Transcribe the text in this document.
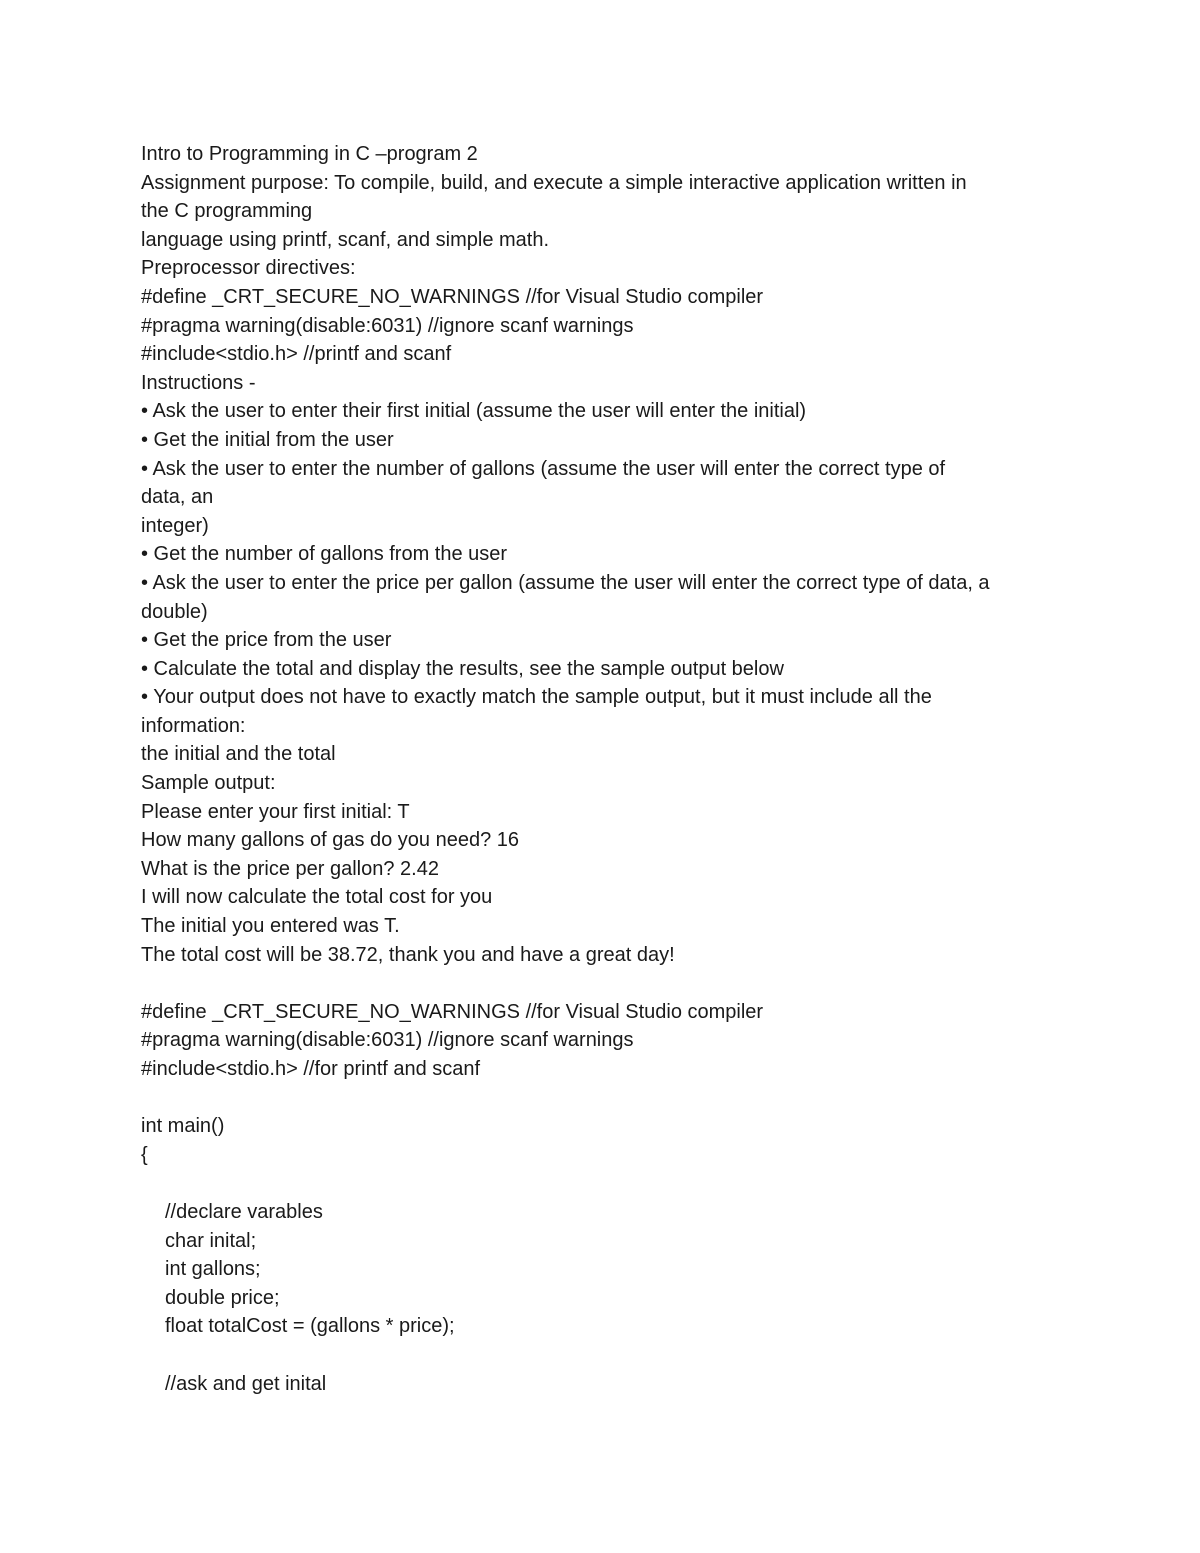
Intro to Programming in C –program 2
Assignment purpose: To compile, build, and execute a simple interactive application written in
the C programming
language using printf, scanf, and simple math.
Preprocessor directives:
#define _CRT_SECURE_NO_WARNINGS //for Visual Studio compiler
#pragma warning(disable:6031) //ignore scanf warnings
#include<stdio.h> //printf and scanf
Instructions -
• Ask the user to enter their first initial (assume the user will enter the initial)
• Get the initial from the user
• Ask the user to enter the number of gallons (assume the user will enter the correct type of
data, an
integer)
• Get the number of gallons from the user
• Ask the user to enter the price per gallon (assume the user will enter the correct type of data, a
double)
• Get the price from the user
• Calculate the total and display the results, see the sample output below
• Your output does not have to exactly match the sample output, but it must include all the
information:
the initial and the total
Sample output:
Please enter your first initial: T
How many gallons of gas do you need? 16
What is the price per gallon? 2.42
I will now calculate the total cost for you
The initial you entered was T.
The total cost will be 38.72, thank you and have a great day!
#define _CRT_SECURE_NO_WARNINGS //for Visual Studio compiler
#pragma warning(disable:6031) //ignore scanf warnings
#include<stdio.h> //for printf and scanf
int main()
{
//declare varables
char inital;
int gallons;
double price;
float totalCost = (gallons * price);
//ask and get inital
